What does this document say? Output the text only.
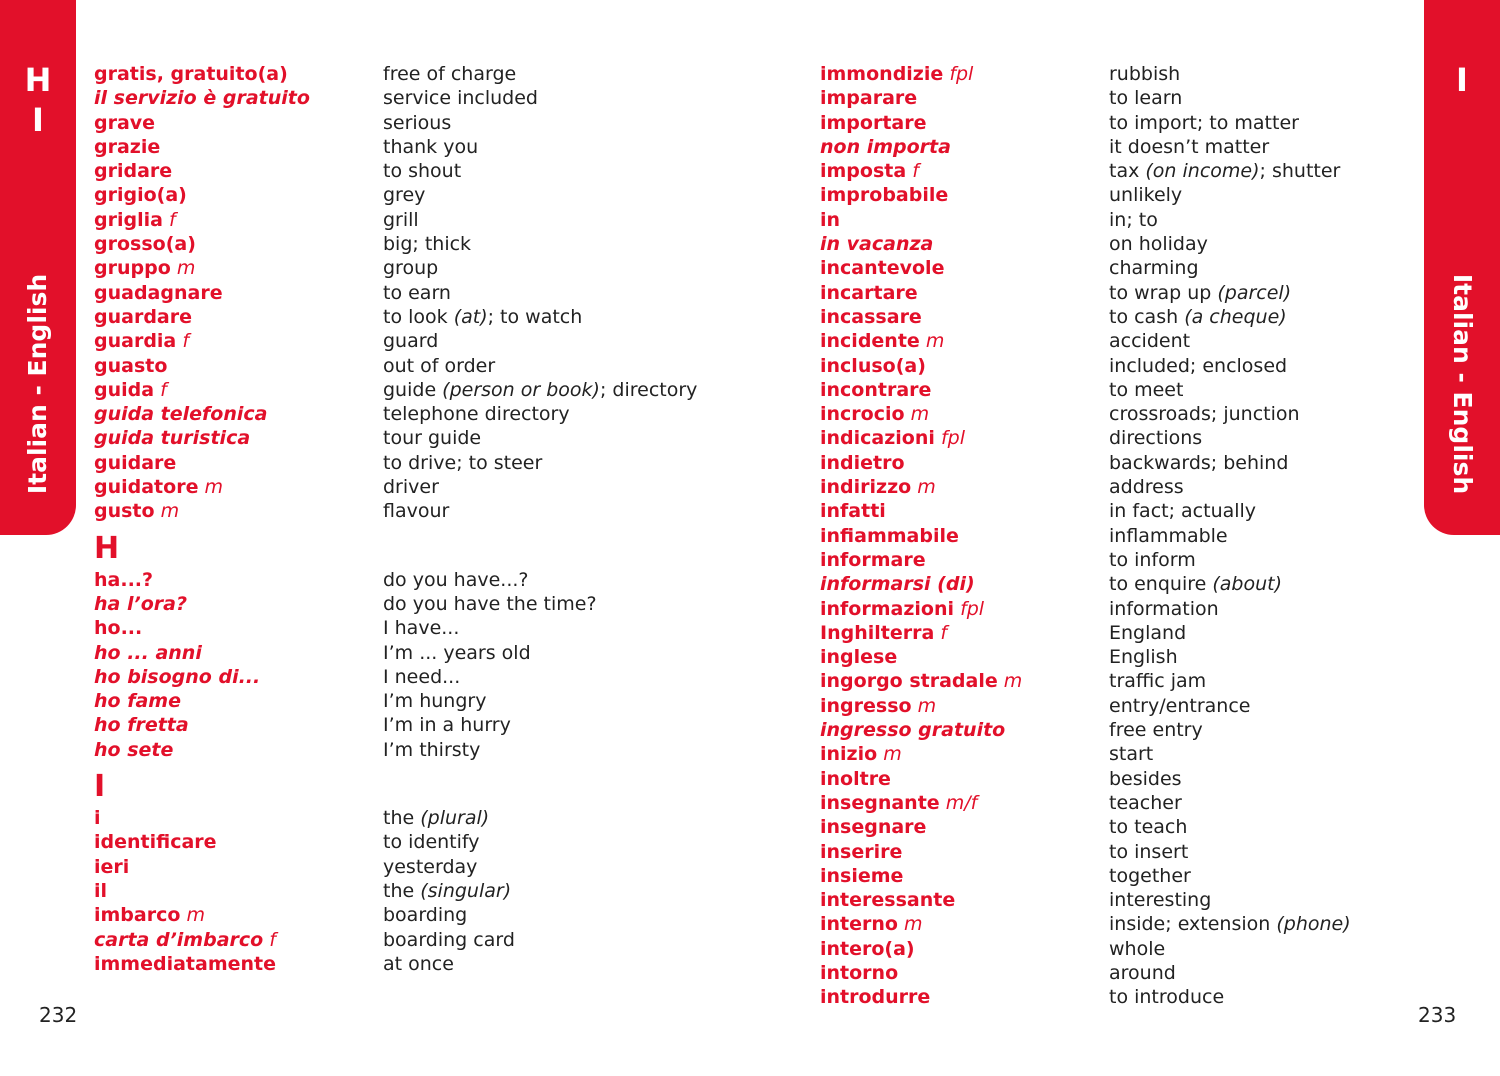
H
I
Italian - English
I
Italian - English
232	233
gratis, gratuito(a)	free of charge
il servizio è gratuito	service included
grave	serious
grazie	thank you
gridare	to shout
grigio(a)	grey
griglia f	grill
grosso(a)	big; thick
gruppo m	group
guadagnare	to earn
guardare	to look (at); to watch
guardia f	guard
guasto	out of order
guida f	guide (person or book); directory
guida telefonica	telephone directory
guida turistica	tour guide
guidare	to drive; to steer
guidatore m	driver
gusto m	flavour
H
ha...?	do you have...?
ha l’ora?	do you have the time?
ho...	I have...
ho ... anni	I’m ... years old
ho bisogno di...	I need...
ho fame	I’m hungry
ho fretta	I’m in a hurry
ho sete	I’m thirsty
I
i	the (plural)
identificare	to identify
ieri	yesterday
il	the (singular)
imbarco m	boarding
carta d’imbarco f	boarding card
immediatamente	at once
immondizie fpl	rubbish
imparare	to learn
importare	to import; to matter
non importa	it doesn’t matter
imposta f	tax (on income); shutter
improbabile	unlikely
in	in; to
in vacanza	on holiday
incantevole	charming
incartare	to wrap up (parcel)
incassare	to cash (a cheque)
incidente m	accident
incluso(a)	included; enclosed
incontrare	to meet
incrocio m	crossroads; junction
indicazioni fpl	directions
indietro	backwards; behind
indirizzo m	address
infatti	in fact; actually
infiammabile	inflammable
informare	to inform
informarsi (di)	to enquire (about)
informazioni fpl	information
Inghilterra f	England
inglese	English
ingorgo stradale m	traffic jam
ingresso m	entry/entrance
ingresso gratuito	free entry
inizio m	start
inoltre	besides
insegnante m/f	teacher
insegnare	to teach
inserire	to insert
insieme	together
interessante	interesting
interno m	inside; extension (phone)
intero(a)	whole
intorno	around
introdurre	to introduce
